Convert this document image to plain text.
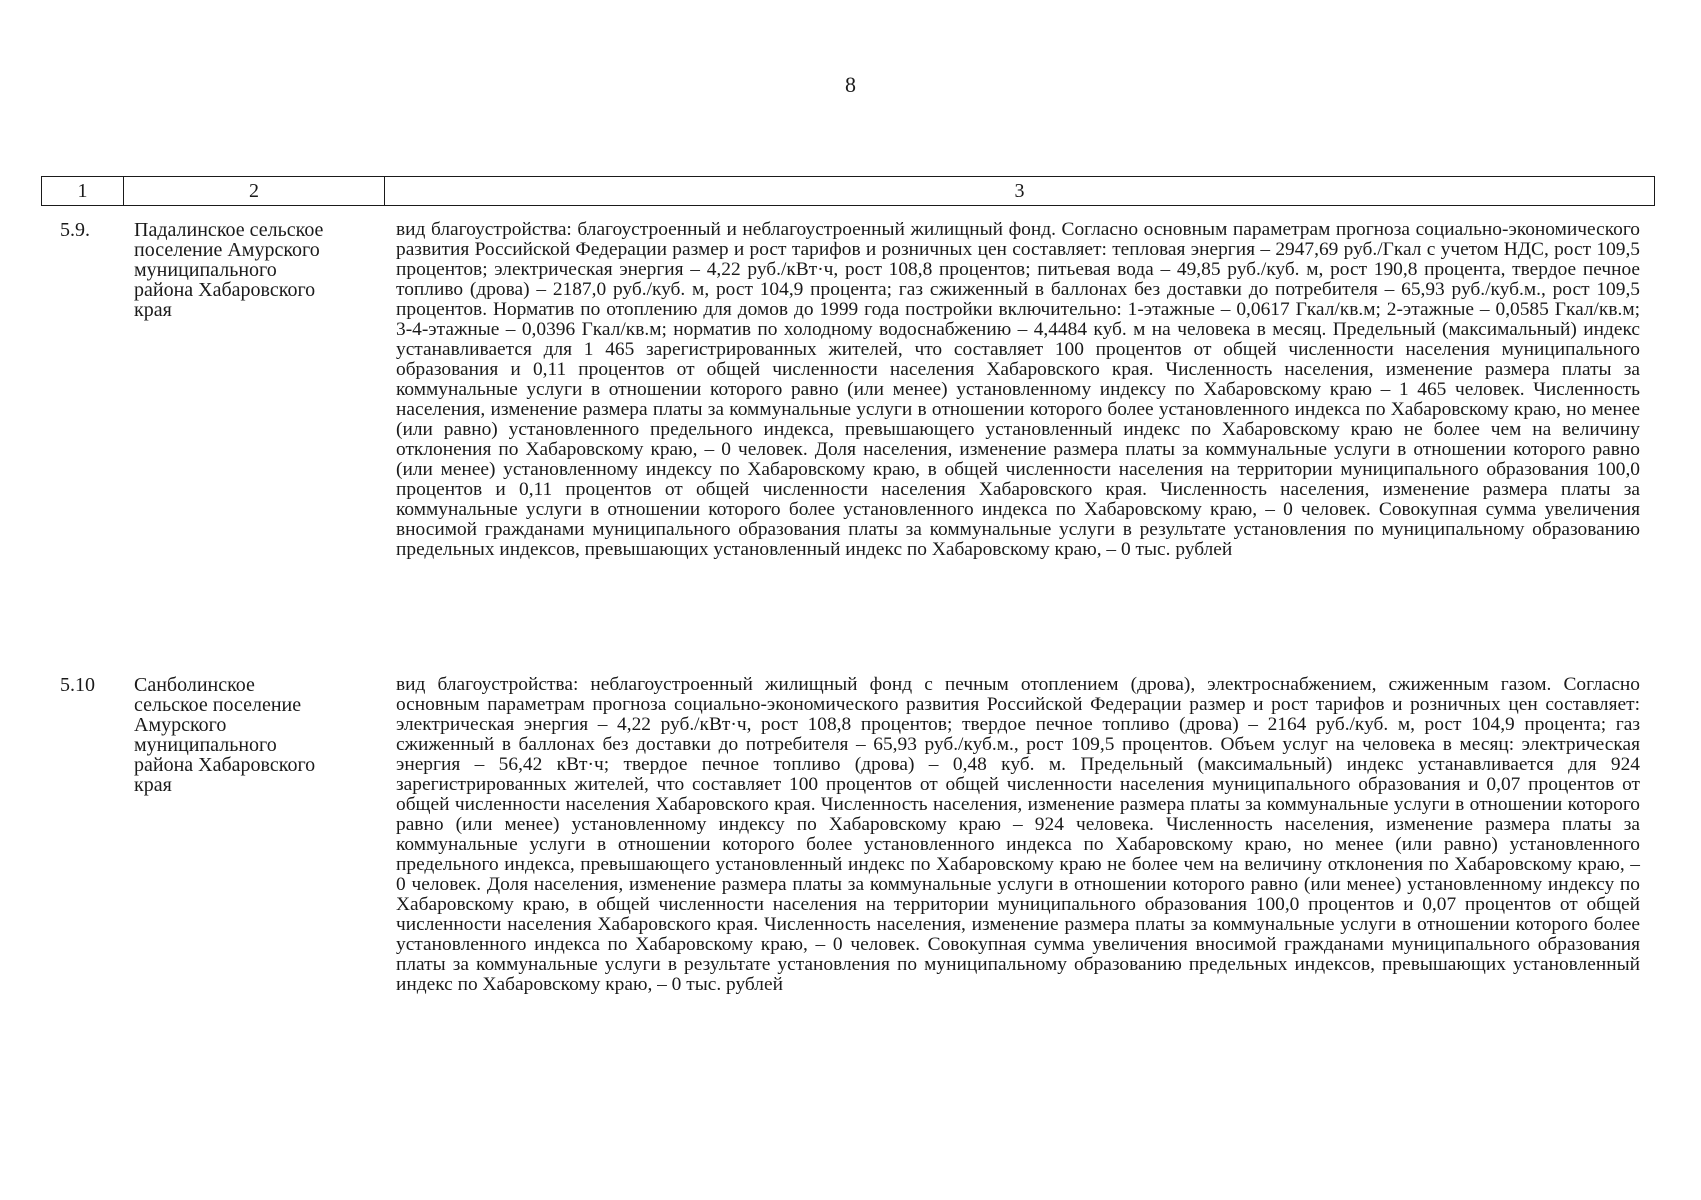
8
1	2	3
5.9. Падалинское сельское
поселение Амурского
муниципального
района Хабаровского
края
вид благоустройства: благоустроенный и неблагоустроенный жилищный фонд. Согласно основным параметрам прогноза социально-экономического развития Российской Федерации размер и рост тарифов и розничных цен составляет: тепловая энергия – 2947,69 руб./Гкал с учетом НДС, рост 109,5 процентов; электрическая энергия – 4,22 руб./кВт·ч, рост 108,8 процентов; питьевая вода – 49,85 руб./куб. м, рост 190,8 процента, твердое печное топливо (дрова) – 2187,0 руб./куб. м, рост 104,9 процента; газ сжиженный в баллонах без доставки до потребителя – 65,93 руб./куб.м., рост 109,5 процентов. Норматив по отоплению для домов до 1999 года постройки включительно: 1-этажные – 0,0617 Гкал/кв.м; 2-этажные – 0,0585 Гкал/кв.м; 3-4-этажные – 0,0396 Гкал/кв.м; норматив по холодному водоснабжению – 4,4484 куб. м на человека в месяц. Предельный (максимальный) индекс устанавливается для 1 465 зарегистрированных жителей, что составляет 100 процентов от общей численности населения муниципального образования и 0,11 процентов от общей численности населения Хабаровского края. Численность населения, изменение размера платы за коммунальные услуги в отношении которого равно (или менее) установленному индексу по Хабаровскому краю – 1 465 человек. Численность населения, изменение размера платы за коммунальные услуги в отношении которого более установленного индекса по Хабаровскому краю, но менее (или равно) установленного предельного индекса, превышающего установленный индекс по Хабаровскому краю не более чем на величину отклонения по Хабаровскому краю, – 0 человек. Доля населения, изменение размера платы за коммунальные услуги в отношении которого равно (или менее) установленному индексу по Хабаровскому краю, в общей численности населения на территории муниципального образования 100,0 процентов и 0,11 процентов от общей численности населения Хабаровского края. Численность населения, изменение размера платы за коммунальные услуги в отношении которого более установленного индекса по Хабаровскому краю, – 0 человек. Совокупная сумма увеличения вносимой гражданами муниципального образования платы за коммунальные услуги в результате установления по муниципальному образованию предельных индексов, превышающих установленный индекс по Хабаровскому краю, – 0 тыс. рублей
5.10 Санболинское
сельское поселение
Амурского
муниципального
района Хабаровского
края
вид благоустройства: неблагоустроенный жилищный фонд с печным отоплением (дрова), электроснабжением, сжиженным газом. Согласно основным параметрам прогноза социально-экономического развития Российской Федерации размер и рост тарифов и розничных цен составляет: электрическая энергия – 4,22 руб./кВт·ч, рост 108,8 процентов; твердое печное топливо (дрова) – 2164 руб./куб. м, рост 104,9 процента; газ сжиженный в баллонах без доставки до потребителя – 65,93 руб./куб.м., рост 109,5 процентов. Объем услуг на человека в месяц: электрическая энергия – 56,42 кВт·ч; твердое печное топливо (дрова) – 0,48 куб. м. Предельный (максимальный) индекс устанавливается для 924 зарегистрированных жителей, что составляет 100 процентов от общей численности населения муниципального образования и 0,07 процентов от общей численности населения Хабаровского края. Численность населения, изменение размера платы за коммунальные услуги в отношении которого равно (или менее) установленному индексу по Хабаровскому краю – 924 человека. Численность населения, изменение размера платы за коммунальные услуги в отношении которого более установленного индекса по Хабаровскому краю, но менее (или равно) установленного предельного индекса, превышающего установленный индекс по Хабаровскому краю не более чем на величину отклонения по Хабаровскому краю, – 0 человек. Доля населения, изменение размера платы за коммунальные услуги в отношении которого равно (или менее) установленному индексу по Хабаровскому краю, в общей численности населения на территории муниципального образования 100,0 процентов и 0,07 процентов от общей численности населения Хабаровского края. Численность населения, изменение размера платы за коммунальные услуги в отношении которого более установленного индекса по Хабаровскому краю, – 0 человек. Совокупная сумма увеличения вносимой гражданами муниципального образования платы за коммунальные услуги в результате установления по муниципальному образованию предельных индексов, превышающих установленный индекс по Хабаровскому краю, – 0 тыс. рублей
